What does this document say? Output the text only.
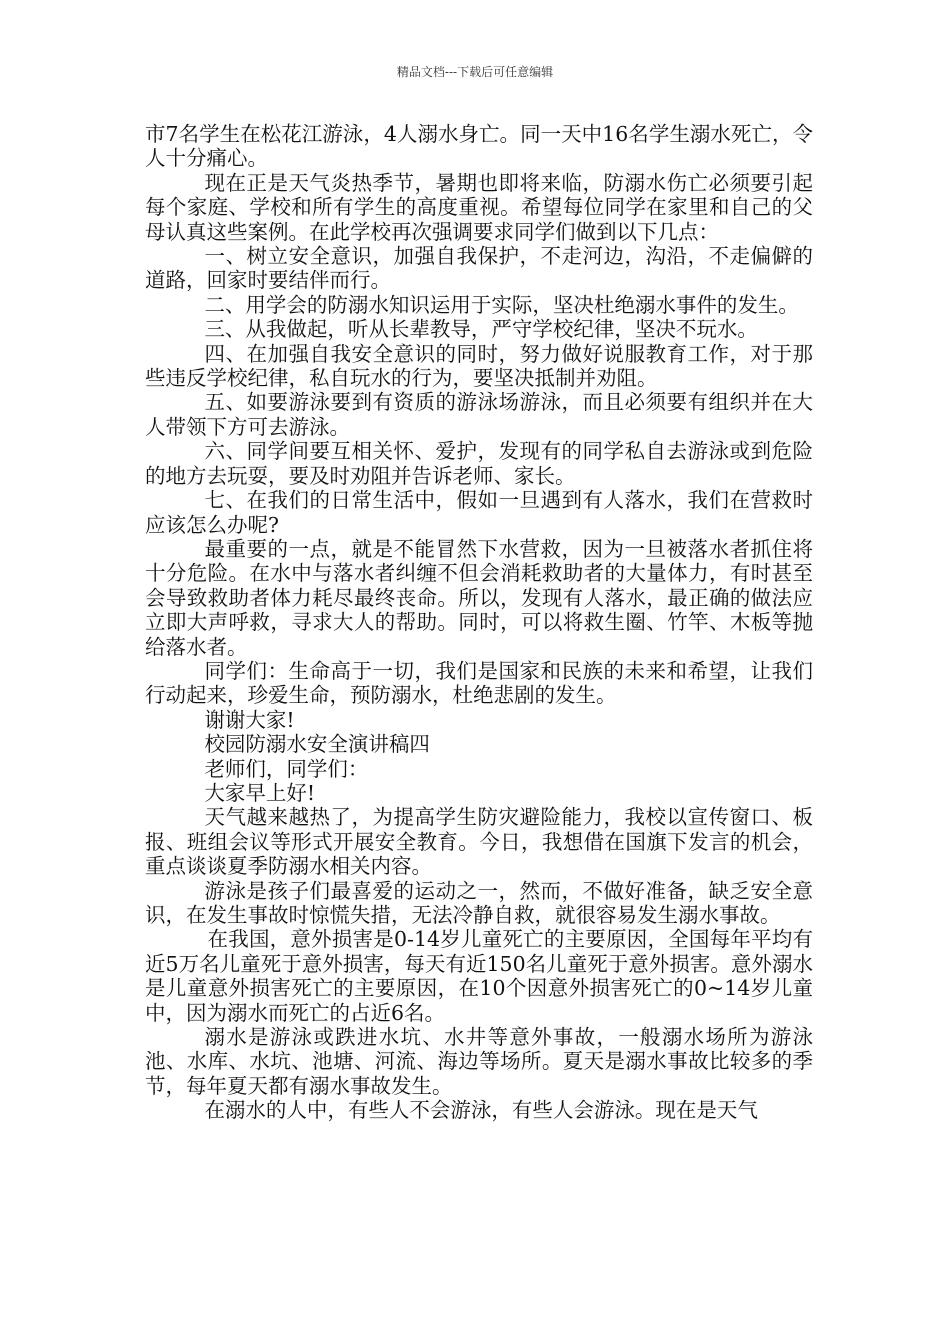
精品文档---下载后可任意编辑

市7名学生在松花江游泳，4人溺水身亡。同一天中16名学生溺水死亡，令人十分痛心。

现在正是天气炎热季节，暑期也即将来临，防溺水伤亡必须要引起每个家庭、学校和所有学生的高度重视。希望每位同学在家里和自己的父母认真这些案例。在此学校再次强调要求同学们做到以下几点：

一、树立安全意识，加强自我保护，不走河边，沟沿，不走偏僻的道路，回家时要结伴而行。

二、用学会的防溺水知识运用于实际，坚决杜绝溺水事件的发生。

三、从我做起，听从长辈教导，严守学校纪律，坚决不玩水。

四、在加强自我安全意识的同时，努力做好说服教育工作，对于那些违反学校纪律，私自玩水的行为，要坚决抵制并劝阻。

五、如要游泳要到有资质的游泳场游泳，而且必须要有组织并在大人带领下方可去游泳。

六、同学间要互相关怀、爱护，发现有的同学私自去游泳或到危险的地方去玩耍，要及时劝阻并告诉老师、家长。

七、在我们的日常生活中，假如一旦遇到有人落水，我们在营救时应该怎么办呢?

最重要的一点，就是不能冒然下水营救，因为一旦被落水者抓住将十分危险。在水中与落水者纠缠不但会消耗救助者的大量体力，有时甚至会导致救助者体力耗尽最终丧命。所以，发现有人落水，最正确的做法应立即大声呼救，寻求大人的帮助。同时，可以将救生圈、竹竿、木板等抛给落水者。

同学们：生命高于一切，我们是国家和民族的未来和希望，让我们行动起来，珍爱生命，预防溺水，杜绝悲剧的发生。

谢谢大家!

校园防溺水安全演讲稿四

老师们，同学们：

大家早上好!

天气越来越热了，为提高学生防灾避险能力，我校以宣传窗口、板报、班组会议等形式开展安全教育。今日，我想借在国旗下发言的机会，重点谈谈夏季防溺水相关内容。

游泳是孩子们最喜爱的运动之一，然而，不做好准备，缺乏安全意识，在发生事故时惊慌失措，无法冷静自救，就很容易发生溺水事故。

在我国，意外损害是0-14岁儿童死亡的主要原因，全国每年平均有近5万名儿童死于意外损害，每天有近150名儿童死于意外损害。意外溺水是儿童意外损害死亡的主要原因，在10个因意外损害死亡的0~14岁儿童中，因为溺水而死亡的占近6名。

溺水是游泳或跌进水坑、水井等意外事故，一般溺水场所为游泳池、水库、水坑、池塘、河流、海边等场所。夏天是溺水事故比较多的季节，每年夏天都有溺水事故发生。

在溺水的人中，有些人不会游泳，有些人会游泳。现在是天气
